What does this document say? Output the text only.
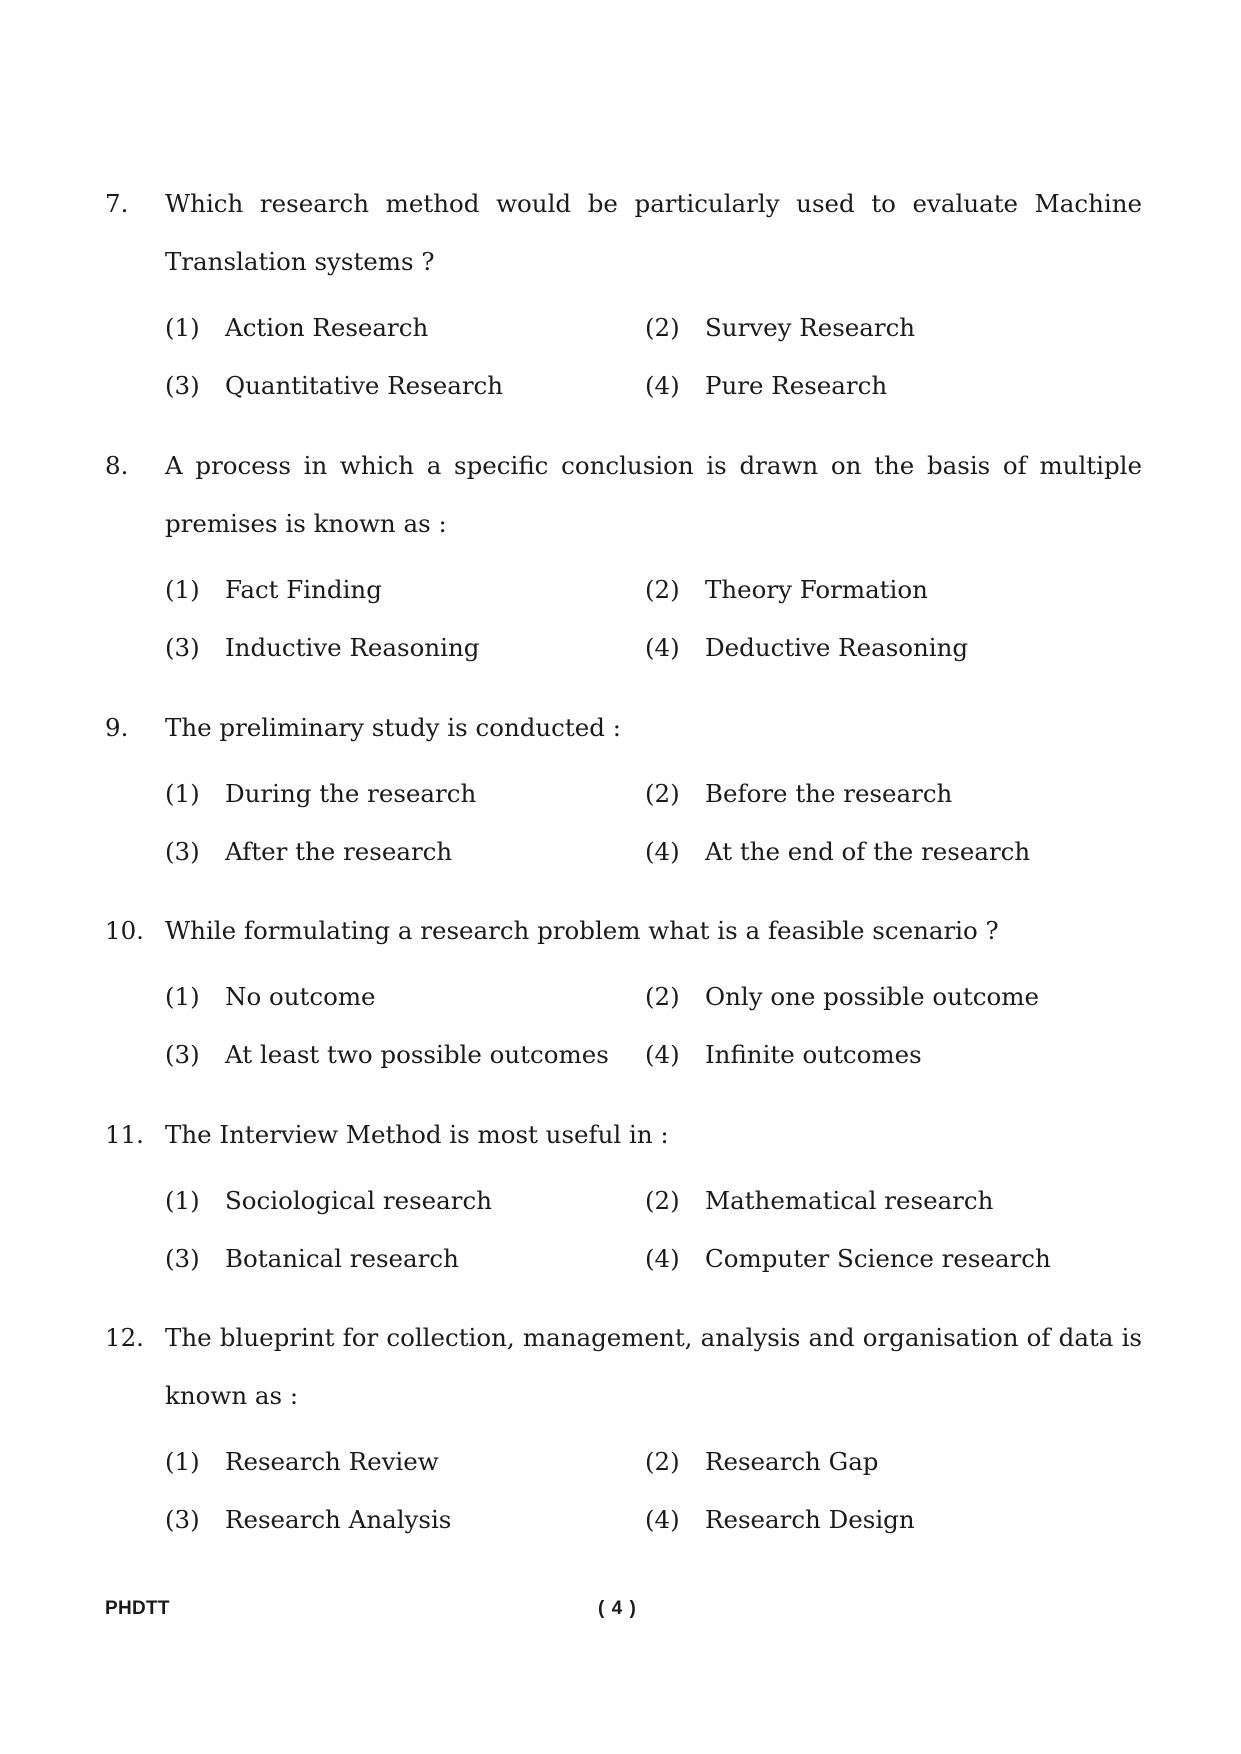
7. Which research method would be particularly used to evaluate Machine Translation systems ?
(1) Action Research	(2) Survey Research
(3) Quantitative Research	(4) Pure Research
8. A process in which a specific conclusion is drawn on the basis of multiple premises is known as :
(1) Fact Finding	(2) Theory Formation
(3) Inductive Reasoning	(4) Deductive Reasoning
9. The preliminary study is conducted :
(1) During the research	(2) Before the research
(3) After the research	(4) At the end of the research
10. While formulating a research problem what is a feasible scenario ?
(1) No outcome	(2) Only one possible outcome
(3) At least two possible outcomes (4) Infinite outcomes
11. The Interview Method is most useful in :
(1) Sociological research	(2) Mathematical research
(3) Botanical research	(4) Computer Science research
12. The blueprint for collection, management, analysis and organisation of data is known as :
(1) Research Review	(2) Research Gap
(3) Research Analysis	(4) Research Design
PHDTT	( 4 )
